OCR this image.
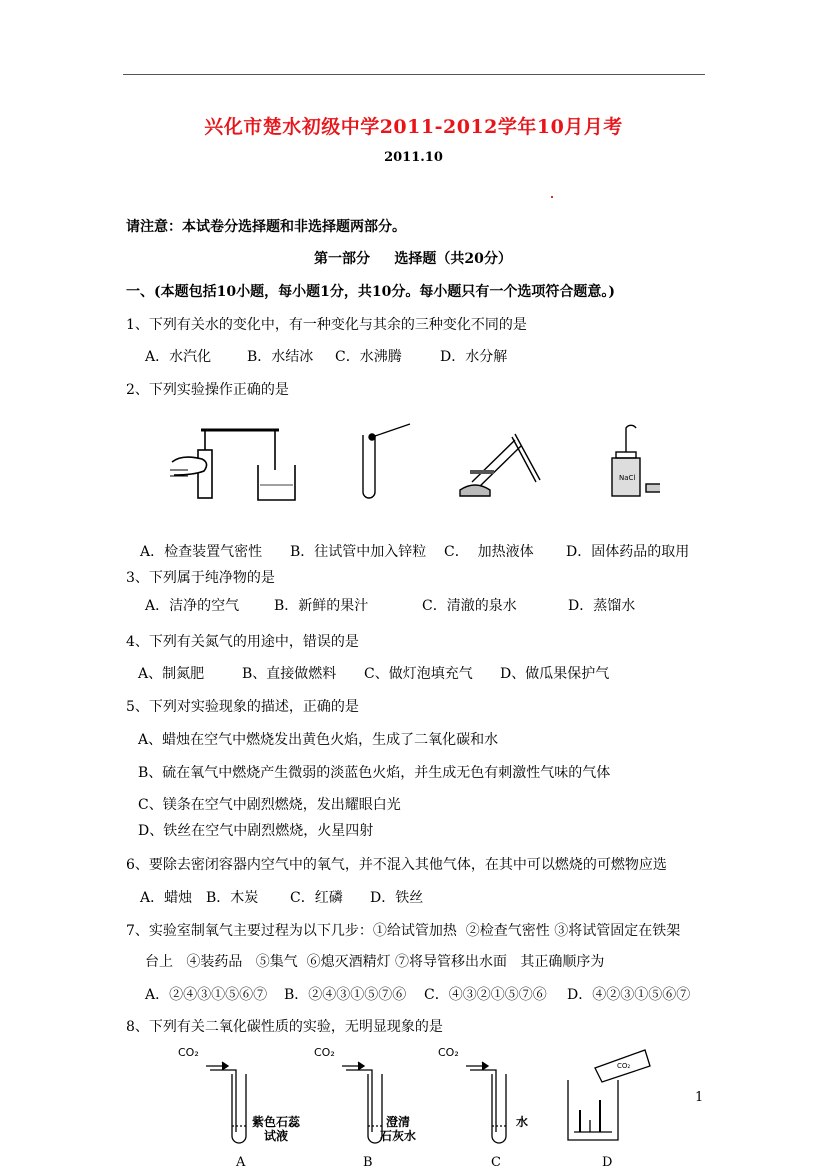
兴化市楚水初级中学2011-2012学年10月月考
2011.10
请注意：本试卷分选择题和非选择题两部分。
第一部分     选择题（共20分）
一、(本题包括10小题，每小题1分，共10分。每小题只有一个选项符合题意。)
1、下列有关水的变化中，有一种变化与其余的三种变化不同的是
A．水汽化	B．水结冰 C．水沸腾	D．水分解
2、下列实验操作正确的是
NaCl
A．检查装置气密性 B．往试管中加入锌粒 C．  加热液体 D．固体药品的取用
3、下列属于纯净物的是
A．洁净的空气 B．新鲜的果汁	C．清澈的泉水	D．蒸馏水
4、下列有关氮气的用途中，错误的是
A、制氮肥	B、直接做燃料 C、做灯泡填充气 D、做瓜果保护气
5、下列对实验现象的描述，正确的是
A、蜡烛在空气中燃烧发出黄色火焰，生成了二氧化碳和水
B、硫在氧气中燃烧产生微弱的淡蓝色火焰，并生成无色有刺激性气味的气体
C、镁条在空气中剧烈燃烧，发出耀眼白光
D、铁丝在空气中剧烈燃烧，火星四射
6、要除去密闭容器内空气中的氧气，并不混入其他气体，在其中可以燃烧的可燃物应选
A．蜡烛 B．木炭 C．红磷 D．铁丝
7、实验室制氧气主要过程为以下几步：①给试管加热  ②检查气密性 ③将试管固定在铁架
台上   ④装药品   ⑤集气  ⑥熄灭酒精灯 ⑦将导管移出水面   其正确顺序为
A．②④③①⑤⑥⑦ B．②④③①⑤⑦⑥ C．④③②①⑤⑦⑥ D．④②③①⑤⑥⑦
8、下列有关二氧化碳性质的实验，无明显现象的是
CO₂	CO₂	CO₂
CO₂
紫色石蕊
试液
澄清
石灰水
水
A	B	C	D
1
